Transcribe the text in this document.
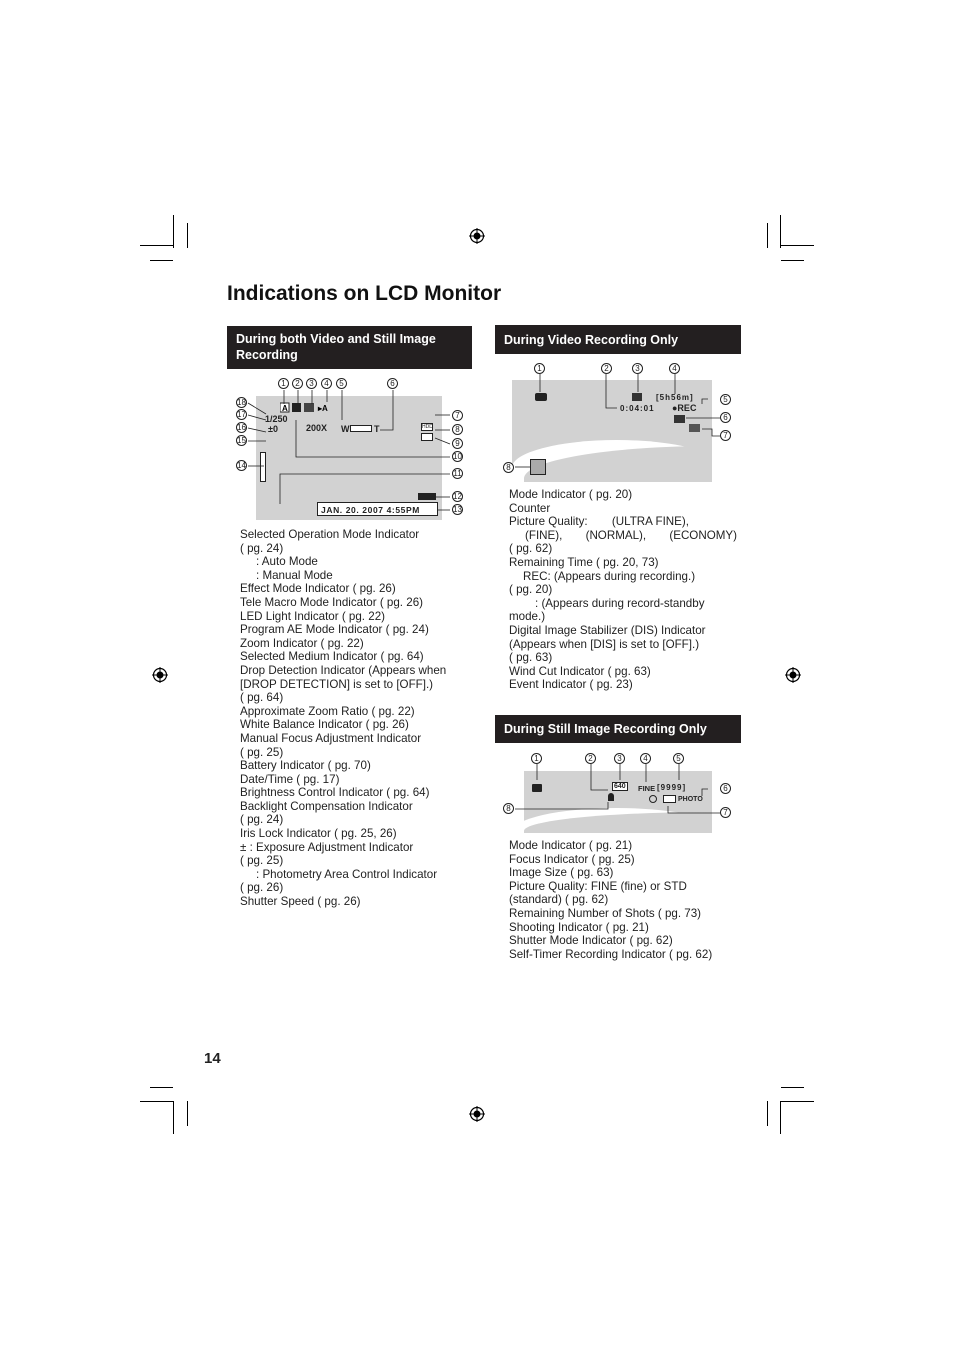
Indications on LCD Monitor
During both Video and Still Image
Recording
1	2	3	4	5	6
18
17
16
15
14
7
8
9
10
11
12
13
1/250
±0	200X W	T
A	▸A
HDD
JAN. 20. 2007 4:55PM
Selected Operation Mode Indicator
( pg. 24)
: Auto Mode
: Manual Mode
Effect Mode Indicator ( pg. 26)
Tele Macro Mode Indicator ( pg. 26)
LED Light Indicator ( pg. 22)
Program AE Mode Indicator ( pg. 24)
Zoom Indicator ( pg. 22)
Selected Medium Indicator ( pg. 64)
Drop Detection Indicator (Appears when
[DROP DETECTION] is set to [OFF].)
( pg. 64)
Approximate Zoom Ratio ( pg. 22)
White Balance Indicator ( pg. 26)
Manual Focus Adjustment Indicator
( pg. 25)
Battery Indicator ( pg. 70)
Date/Time ( pg. 17)
Brightness Control Indicator ( pg. 64)
Backlight Compensation Indicator
( pg. 24)
Iris Lock Indicator ( pg. 25, 26)
± : Exposure Adjustment Indicator
( pg. 25)
: Photometry Area Control Indicator
( pg. 26)
Shutter Speed ( pg. 26)
During Video Recording Only
1	2	3	4
5
6
7
8
[5h56m]
0:04:01 ●REC
Mode Indicator ( pg. 20)
Counter
Picture Quality: (ULTRA FINE),
(FINE), (NORMAL), (ECONOMY)
( pg. 62)
Remaining Time ( pg. 20, 73)
REC: (Appears during recording.)
( pg. 20)
: (Appears during record-standby
mode.)
Digital Image Stabilizer (DIS) Indicator
(Appears when [DIS] is set to [OFF].)
( pg. 63)
Wind Cut Indicator ( pg. 63)
Event Indicator ( pg. 23)
During Still Image Recording Only
1	2	3	4	5
6
7
8
640 FINE [9999]
PHOTO
Mode Indicator ( pg. 21)
Focus Indicator ( pg. 25)
Image Size ( pg. 63)
Picture Quality: FINE (fine) or STD
(standard) ( pg. 62)
Remaining Number of Shots ( pg. 73)
Shooting Indicator ( pg. 21)
Shutter Mode Indicator ( pg. 62)
Self-Timer Recording Indicator ( pg. 62)
14
